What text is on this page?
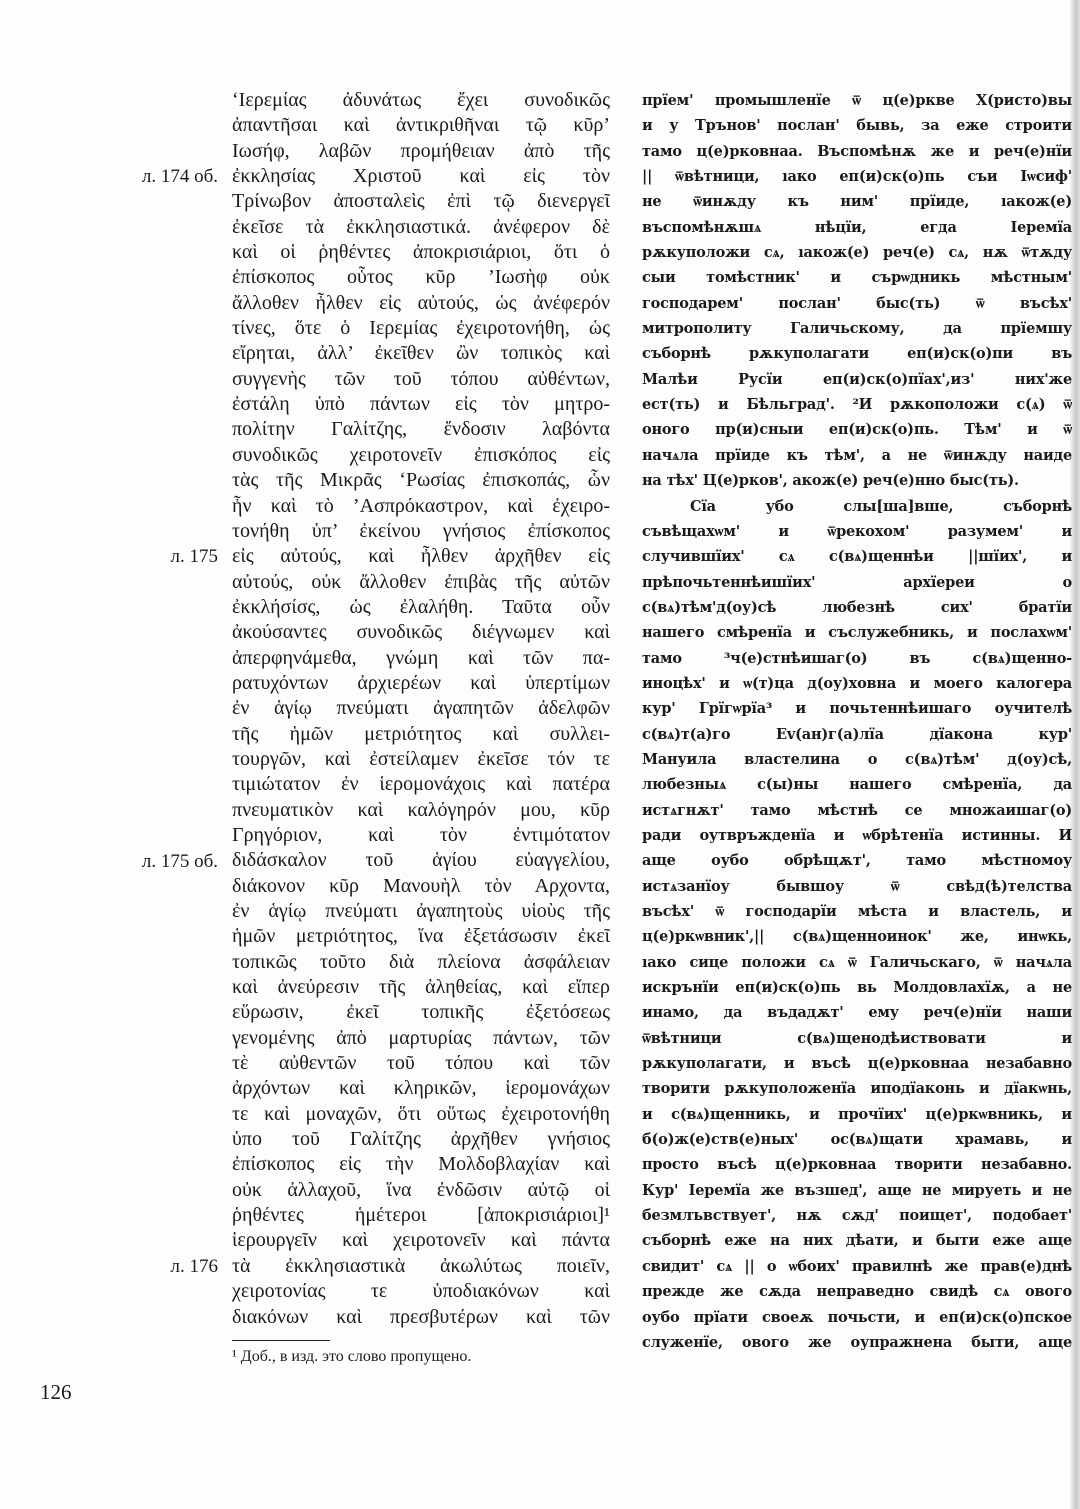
л. 174 об.
л. 175
л. 175 об.
л. 176
‘Ιερεμίας ἀδυνάτως ἔχει συνοδικῶς
ἀπαντῆσαι καὶ ἀντικριθῆναι τῷ κῦρ’
Ιωσήφ, λαβῶν προμήθειαν ἀπὸ τῆς
ἐκκλησίας Χριστοῦ καὶ εἰς τὸν
Τρίνωβον ἀποσταλεὶς ἐπὶ τῷ διενεργεῖ
ἐκεῖσε τὰ ἐκκλησιαστικά. ἀνέφερον δὲ
καὶ οἱ ῥηθέντες ἀποκρισιάριοι, ὅτι ὁ
ἐπίσκοπος οὗτος κῦρ ’Ιωσὴφ οὐκ
ἄλλοθεν ἦλθεν εἰς αὐτούς, ὡς ἀνέφερόν
τίνες, ὅτε ὁ Ιερεμίας ἐχειροτονήθη, ὡς
εἴρηται, ἀλλ’ ἐκεῖθεν ὢν τοπικὸς καὶ
συγγενὴς τῶν τοῦ τόπου αὐθέντων,
ἐστάλη ὑπὸ πάντων εἰς τὸν μητρο-
πολίτην Γαλίτζης, ἔνδοσιν λαβόντα
συνοδικῶς χειροτονεῖν ἐπισκόπος εἰς
τὰς τῆς Μικρᾶς ‘Ρωσίας ἐπισκοπάς, ὧν
ἦν καὶ τὸ ’Ασπρόκαστρον, καὶ ἐχειρο-
τονήθη ὑπ’ ἐκείνου γνήσιος ἐπίσκοπος
εἰς αὐτούς, καὶ ἦλθεν ἀρχῆθεν εἰς
αὐτούς, οὐκ ἄλλοθεν ἐπιβὰς τῆς αὐτῶν
ἐκκλήσίσς, ὡς ἐλαλήθη. Ταῦτα οὖν
ἀκούσαντες συνοδικῶς διέγνωμεν καὶ
ἀπερφηνάμεθα, γνώμη καὶ τῶν πα-
ρατυχόντων ἀρχιερέων καὶ ὑπερτίμων
ἐν ἁγίῳ πνεύματι ἀγαπητῶν ἀδελφῶν
τῆς ἡμῶν μετριότητος καὶ συλλει-
τουργῶν, καὶ ἐστείλαμεν ἐκεῖσε τόν τε
τιμιώτατον ἐν ἱερομονάχοις καὶ πατέρα
πνευματικὸν καὶ καλόγηρόν μου, κῦρ
Γρηγόριον, καὶ τὸν ἐντιμότατον
διδάσκαλον τοῦ ἁγίου εὐαγγελίου,
διάκονον κῦρ Μανουὴλ τὸν Αρχοντα,
ἐν ἁγίῳ πνεύματι ἀγαπητοὺς υἱοὺς τῆς
ἡμῶν μετριότητος, ἵνα ἐξετάσωσιν ἐκεῖ
τοπικῶς τοῦτο διὰ πλείονα ἀσφάλειαν
καὶ ἀνεύρεσιν τῆς ἀληθείας, καὶ εἴπερ
εὕρωσιν, ἐκεῖ τοπικῆς ἐξετόσεως
γενομένης ἀπὸ μαρτυρίας πάντων, τῶν
τὲ αὐθεντῶν τοῦ τόπου καὶ τῶν
ἀρχόντων καὶ κληρικῶν, ἱερομονάχων
τε καὶ μοναχῶν, ὅτι οὕτως ἐχειροτονήθη
ὑπο τοῦ Γαλίτζης ἀρχῆθεν γνήσιος
ἐπίσκοπος εἰς τὴν Μολδοβλαχίαν καὶ
οὐκ ἀλλαχοῦ, ἵνα ἐνδῶσιν αὐτῷ οἱ
ῥηθέντες ἡμέτεροι [ἀποκρισιάριοι]¹
ἱερουργεῖν καὶ χειροτονεῖν καὶ πάντα
τὰ ἐκκλησιαστικὰ ἀκωλύτως ποιεῖν,
χειροτονίας τε ὑποδιακόνων καὶ
διακόνων καὶ πρεσβυτέρων καὶ τῶν
прїем' промышленїе ѿ ц(е)ркве Х(ристо)вы
и у Трънов' послан' бывь, за еже строити
тамо ц(е)рковнаа. Въспомѣнѫ же и реч(е)нїи
|| ѿвѣтници, ıако еп(и)ск(о)пь съи Iѡсиф'
не ѿинѫду къ ним' прїиде, ıакож(е)
въспомѣнѫшѧ нѣцїи, егда Iеремїа
рѫкуположи сѧ, ıакож(е) реч(е) сѧ, нѫ ѿтѫду
сыи томѣстник' и сърѡдникь мѣстным'
господарем' послан' быс(ть) ѿ въсѣх'
митрополиту Галичьскому, да прїемшу
съборнѣ рѫкуполагати еп(и)ск(о)пи въ
Малѣи Русїи еп(и)ск(о)пїах',из' них'же
ест(ть) и Бѣльград'. ²И рѫкоположи с(ѧ) ѿ
оного пр(и)сныи еп(и)ск(о)пь. Тѣм' и ѿ
начѧла прїиде къ тѣм', а не ѿинѫду наиде
на тѣх' Ц(е)рков', акож(е) реч(е)нно быс(ть).
Сїа убо слы[ша]вше, съборнѣ
съвѣщахѡм' и ѿрекохом' разумем' и
случившїих' сѧ с(вѧ)щеннѣи ||шїих', и
прѣпочьтеннѣишїих' архїереи о
с(вѧ)тѣм'д(оу)сѣ любезнѣ сих' братїи
нашего смѣренїа и съслужебникь, и послахѡм'
тамо ³ч(е)стнѣишаг(о) въ с(вѧ)щенно-
иноцѣх' и ѡ(т)ца д(оу)ховна и моего калогера
кур' Грїгѡрїа³ и почьтеннѣишаго оучителѣ
с(вѧ)т(а)го Еv(ан)г(а)лїа дїакона кур'
Мануила властелина о с(вѧ)тѣм' д(оу)сѣ,
любезныѧ с(ы)ны нашего смѣренїа, да
истѧгнѫт' тамо мѣстнѣ се множаишаг(о)
ради оутвръжденїа и ѡбрѣтенїа истинны. И
аще оубо обрѣщѫт', тамо мѣстномоу
истѧзанїоу бывшоу ѿ свѣд(ѣ)телства
въсѣх' ѿ господарїи мѣста и властель, и
ц(е)ркѡвник',|| с(вѧ)щенноинок' же, инѡкь,
ıако сице положи сѧ ѿ Галичьскаго, ѿ начѧла
искрънїи еп(и)ск(о)пь вь Молдовлахїѫ, а не
инамо, да въдадѫт' ему реч(е)нїи наши
ѿвѣтници с(вѧ)щенодѣиствовати и
рѫкуполагати, и въсѣ ц(е)рковнаа незабавно
творити рѫкуположенїа иподїаконь и дїакѡнь,
и с(вѧ)щенникь, и прочїих' ц(е)ркѡвникь, и
б(о)ж(е)ств(е)ных' ос(вѧ)щати храмавь, и
просто въсѣ ц(е)рковнаа творити незабавно.
Кур' Iеремїа же възшед', аще не мируеть и не
безмлъвствует', нѫ сѫд' поищет', подобает'
съборнѣ еже на них дѣати, и быти еже аще
свидит' сѧ || о ѡбоих' правилнѣ же прав(е)днѣ
прежде же сѫда неправедно свидѣ сѧ ового
оубо прїати своеѫ почьсти, и еп(и)ск(о)пское
служенїе, ового же оупражнена быти, аще
¹ Доб., в изд. это слово пропущено.
126
